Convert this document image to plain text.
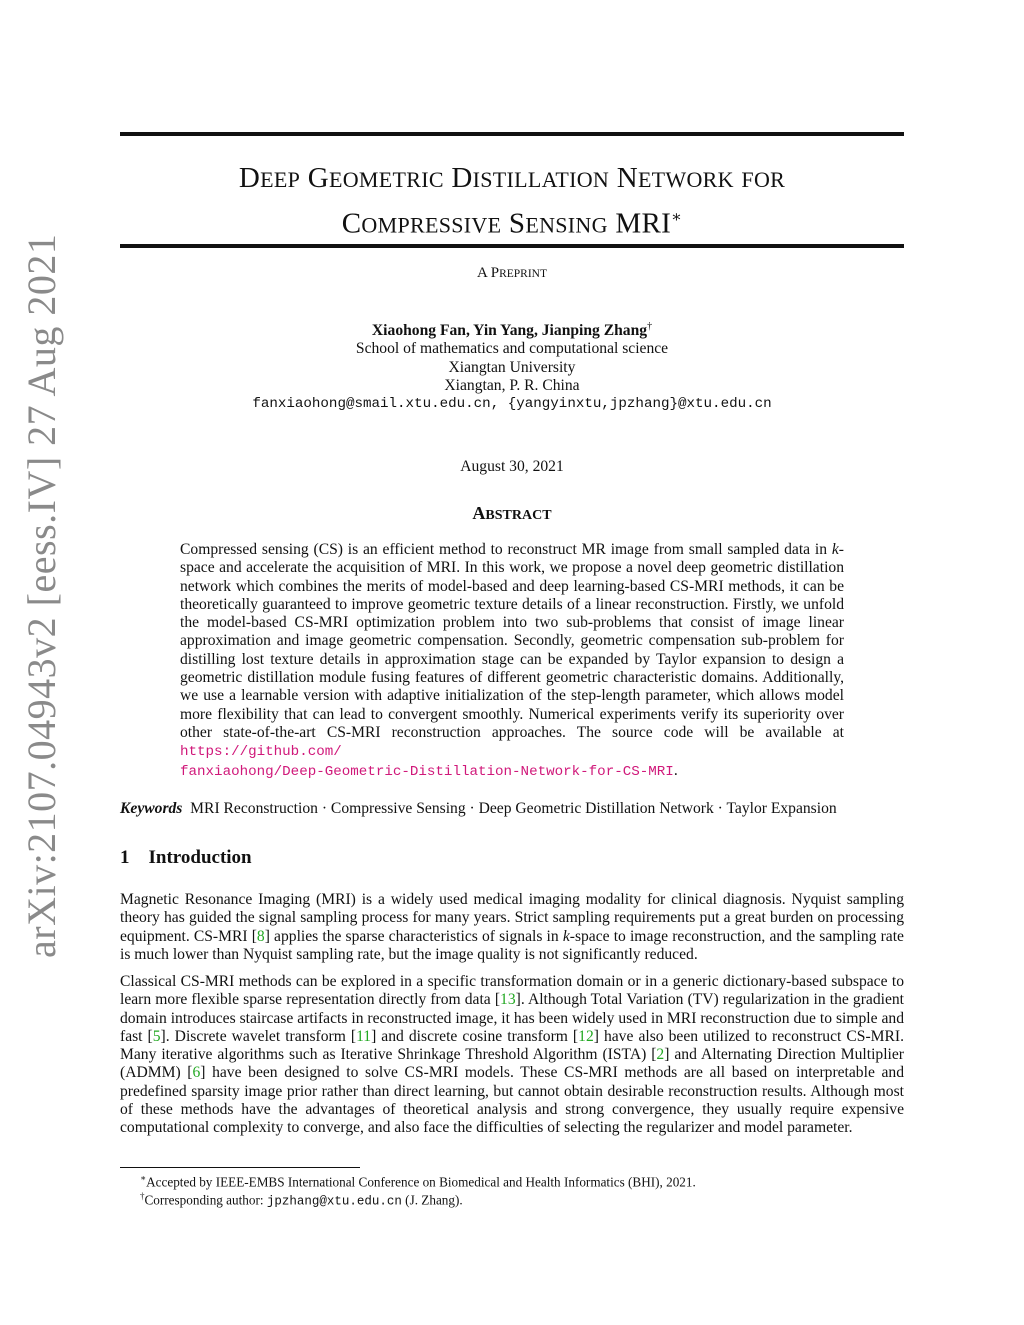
arXiv:2107.04943v2 [eess.IV] 27 Aug 2021
DEEP GEOMETRIC DISTILLATION NETWORK FOR
COMPRESSIVE SENSING MRI∗
A PREPRINT
Xiaohong Fan, Yin Yang, Jianping Zhang†
School of mathematics and computational science
Xiangtan University
Xiangtan, P. R. China
fanxiaohong@smail.xtu.edu.cn, {yangyinxtu,jpzhang}@xtu.edu.cn
August 30, 2021
ABSTRACT
Compressed sensing (CS) is an efficient method to reconstruct MR image from small sampled data in k-space and accelerate the acquisition of MRI. In this work, we propose a novel deep geometric distillation network which combines the merits of model-based and deep learning-based CS-MRI methods, it can be theoretically guaranteed to improve geometric texture details of a linear reconstruction. Firstly, we unfold the model-based CS-MRI optimization problem into two sub-problems that consist of image linear approximation and image geometric compensation. Secondly, geometric compensation sub-problem for distilling lost texture details in approximation stage can be expanded by Taylor expansion to design a geometric distillation module fusing features of different geometric characteristic domains. Additionally, we use a learnable version with adaptive initialization of the step-length parameter, which allows model more flexibility that can lead to convergent smoothly. Numerical experiments verify its superiority over other state-of-the-art CS-MRI reconstruction approaches. The source code will be available at https://github.com/
fanxiaohong/Deep-Geometric-Distillation-Network-for-CS-MRI.
Keywords MRI Reconstruction · Compressive Sensing · Deep Geometric Distillation Network · Taylor Expansion
1 Introduction
Magnetic Resonance Imaging (MRI) is a widely used medical imaging modality for clinical diagnosis. Nyquist sampling theory has guided the signal sampling process for many years. Strict sampling requirements put a great burden on processing equipment. CS-MRI [8] applies the sparse characteristics of signals in k-space to image reconstruction, and the sampling rate is much lower than Nyquist sampling rate, but the image quality is not significantly reduced.
Classical CS-MRI methods can be explored in a specific transformation domain or in a generic dictionary-based subspace to learn more flexible sparse representation directly from data [13]. Although Total Variation (TV) regularization in the gradient domain introduces staircase artifacts in reconstructed image, it has been widely used in MRI reconstruction due to simple and fast [5]. Discrete wavelet transform [11] and discrete cosine transform [12] have also been utilized to reconstruct CS-MRI. Many iterative algorithms such as Iterative Shrinkage Threshold Algorithm (ISTA) [2] and Alternating Direction Multiplier (ADMM) [6] have been designed to solve CS-MRI models. These CS-MRI methods are all based on interpretable and predefined sparsity image prior rather than direct learning, but cannot obtain desirable reconstruction results. Although most of these methods have the advantages of theoretical analysis and strong convergence, they usually require expensive computational complexity to converge, and also face the difficulties of selecting the regularizer and model parameter.
∗Accepted by IEEE-EMBS International Conference on Biomedical and Health Informatics (BHI), 2021.
†Corresponding author: jpzhang@xtu.edu.cn (J. Zhang).
